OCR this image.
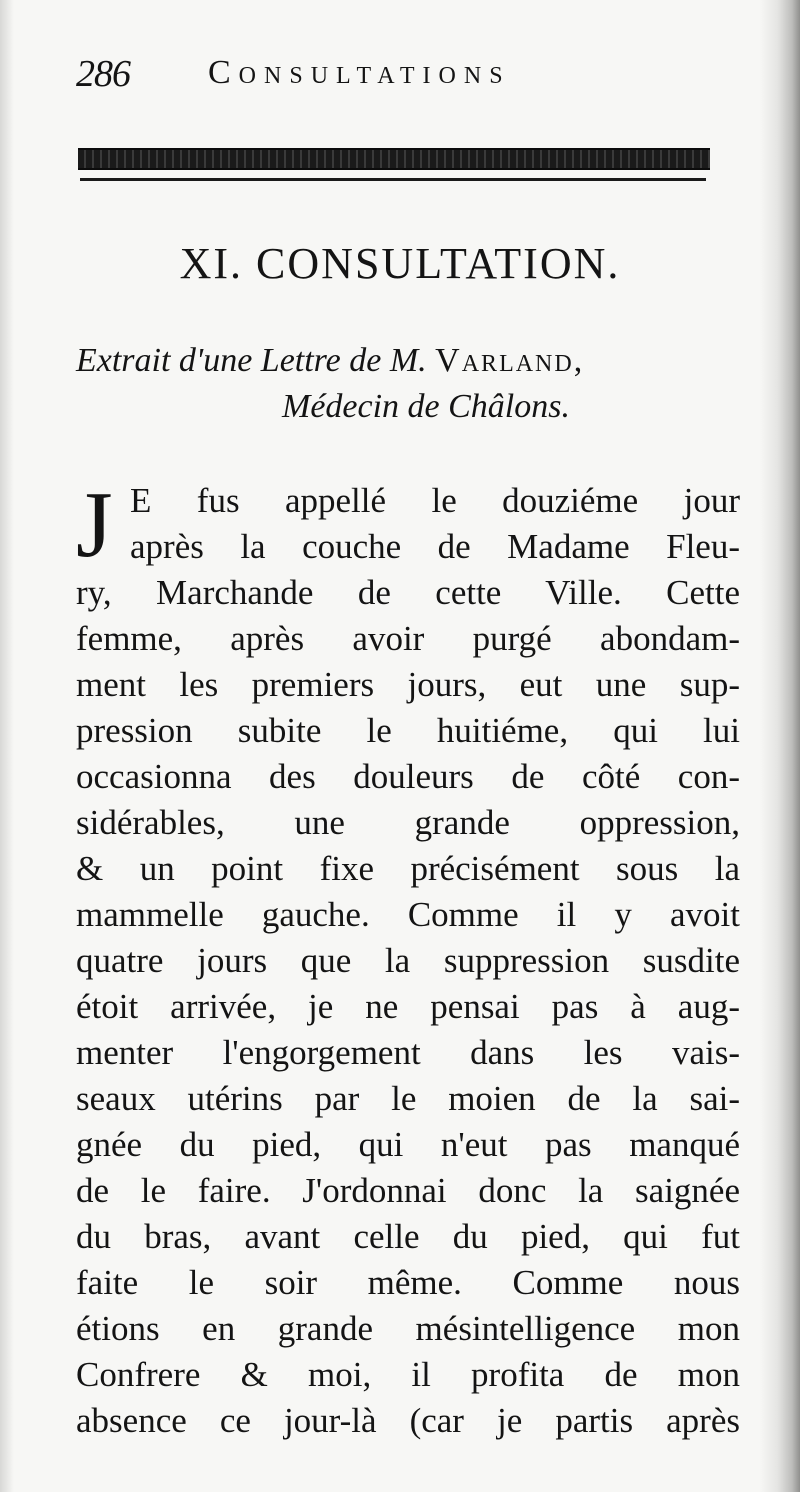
286 Consultations
XI. CONSULTATION.
Extrait d'une Lettre de M. Varland,
Médecin de Châlons.
J E fus appellé le douziéme jour
après la couche de Madame Fleu-
ry, Marchande de cette Ville. Cette
femme, après avoir purgé abondam-
ment les premiers jours, eut une sup-
pression subite le huitiéme, qui lui
occasionna des douleurs de côté con-
sidérables, une grande oppression,
& un point fixe précisément sous la
mammelle gauche. Comme il y avoit
quatre jours que la suppression susdite
étoit arrivée, je ne pensai pas à aug-
menter l'engorgement dans les vais-
seaux utérins par le moien de la sai-
gnée du pied, qui n'eut pas manqué
de le faire. J'ordonnai donc la saignée
du bras, avant celle du pied, qui fut
faite le soir même. Comme nous
étions en grande mésintelligence mon
Confrere & moi, il profita de mon
absence ce jour-là (car je partis après
